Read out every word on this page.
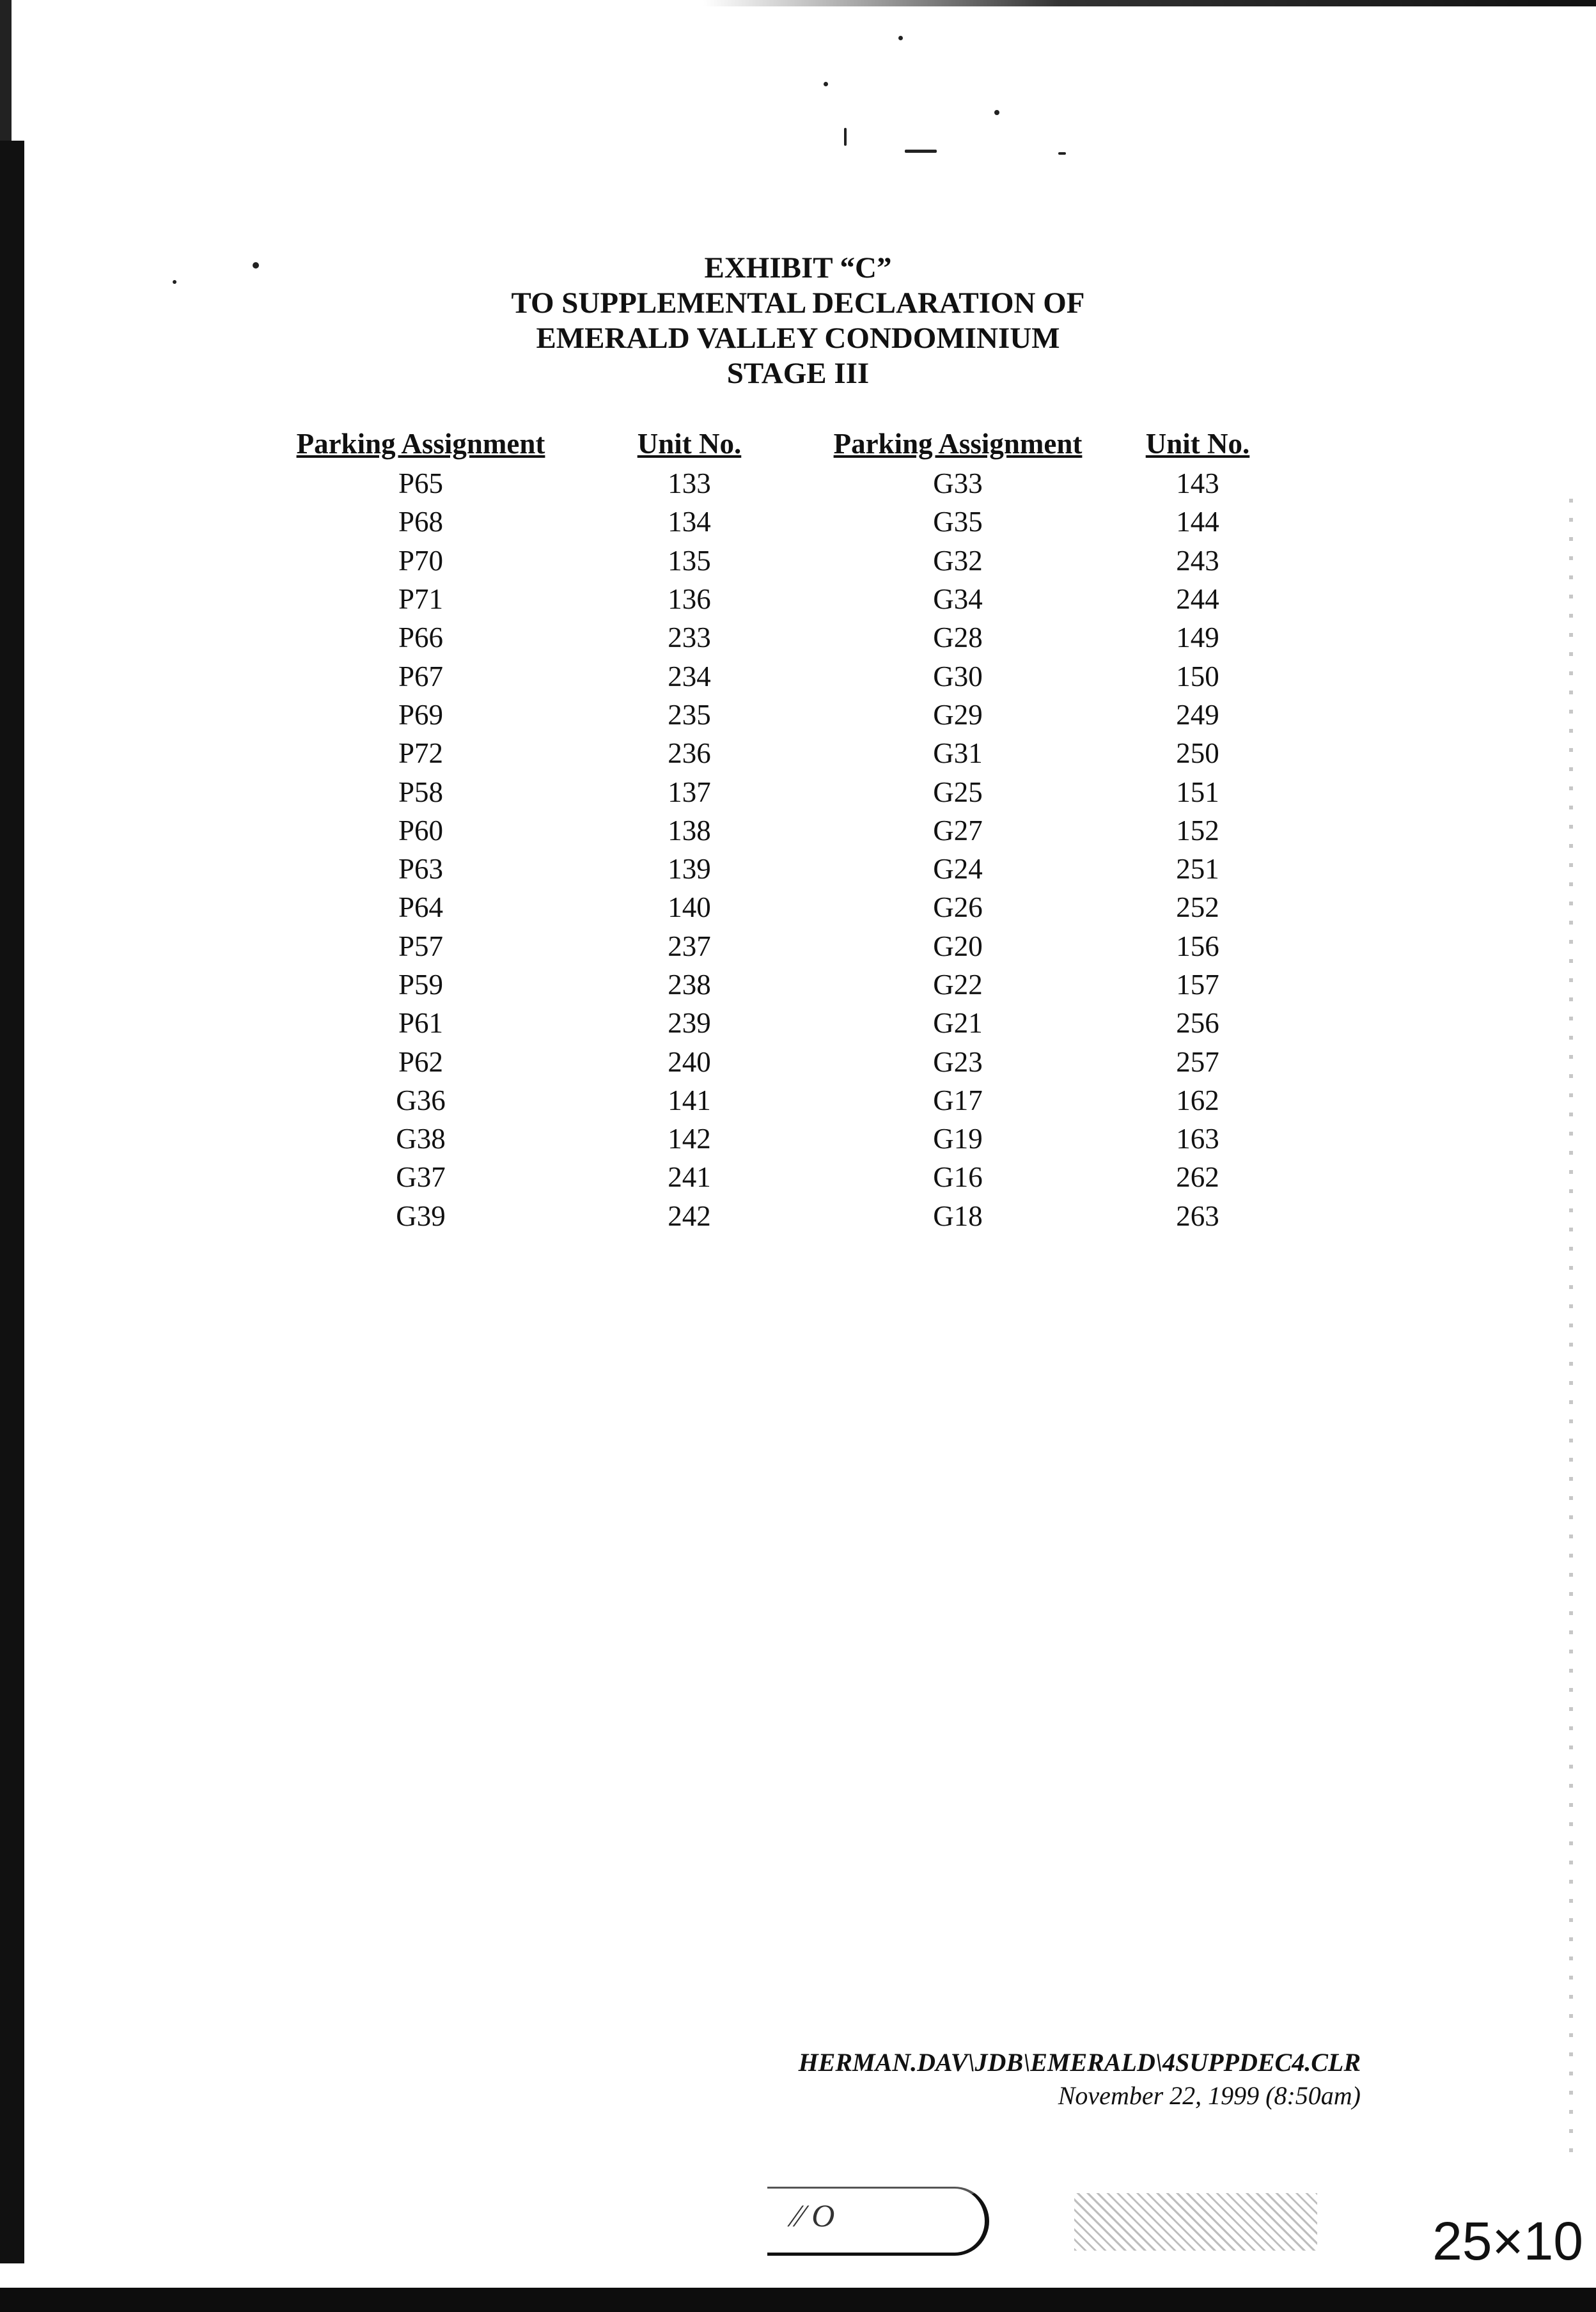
EXHIBIT “C”
TO SUPPLEMENTAL DECLARATION OF
EMERALD VALLEY CONDOMINIUM
STAGE III
Parking Assignment	Unit No.	Parking Assignment	Unit No.
P65	133	G33	143
P68	134	G35	144
P70	135	G32	243
P71	136	G34	244
P66	233	G28	149
P67	234	G30	150
P69	235	G29	249
P72	236	G31	250
P58	137	G25	151
P60	138	G27	152
P63	139	G24	251
P64	140	G26	252
P57	237	G20	156
P59	238	G22	157
P61	239	G21	256
P62	240	G23	257
G36	141	G17	162
G38	142	G19	163
G37	241	G16	262
G39	242	G18	263
HERMAN.DAV\JDB\EMERALD\4SUPPDEC4.CLR
November 22, 1999 (8:50am)
⁄⁄ O	25×10
